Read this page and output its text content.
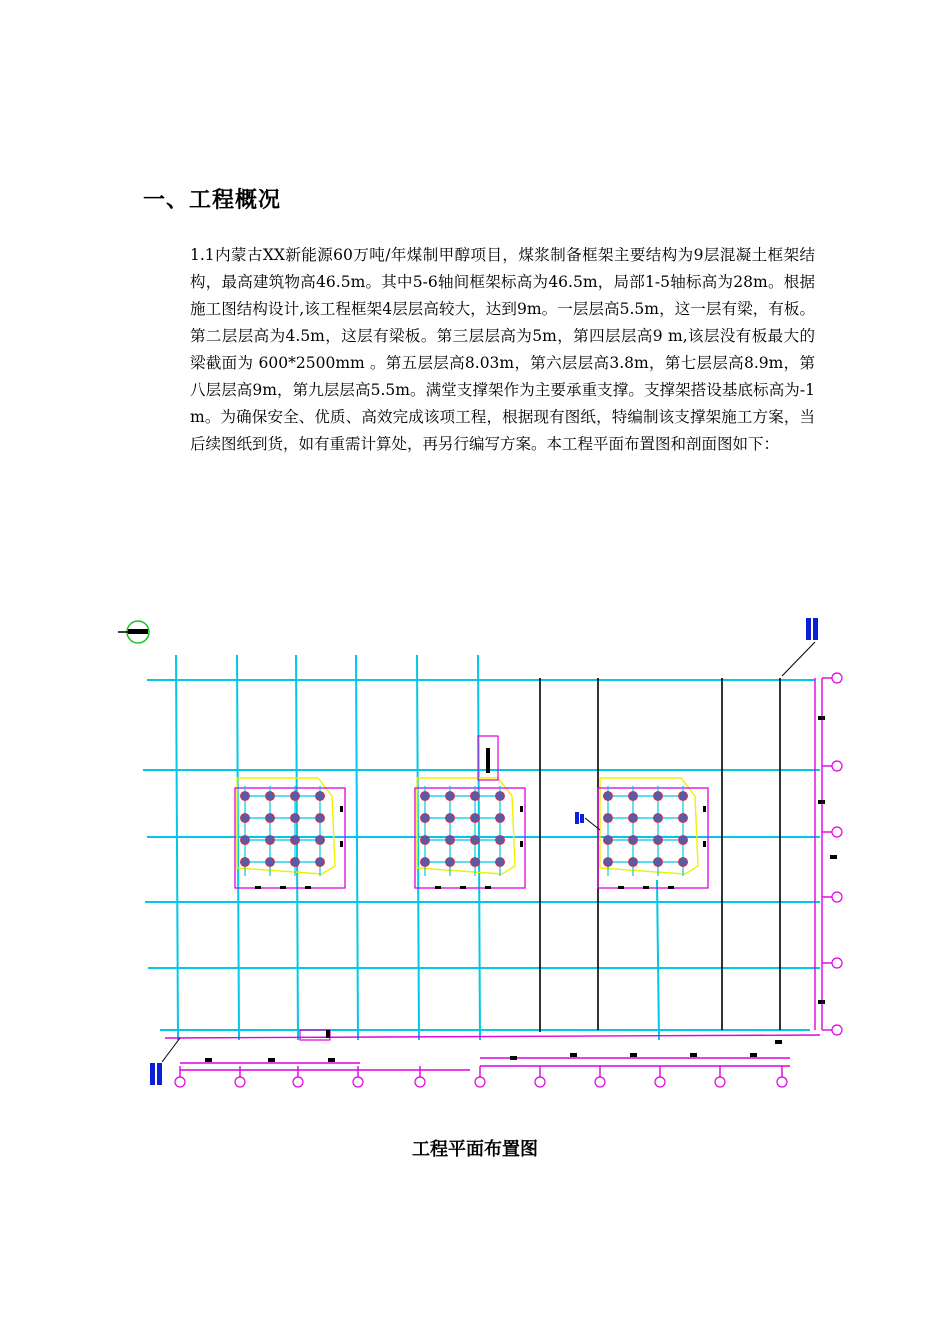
一、工程概况

1.1内蒙古XX新能源60万吨/年煤制甲醇项目，煤浆制备框架主要结构为9层混凝土框架结构，最高建筑物高46.5m。其中5-6轴间框架标高为46.5m，局部1-5轴标高为28m。根据施工图结构设计,该工程框架4层层高较大，达到9m。一层层高5.5m，这一层有梁，有板。第二层层高为4.5m，这层有梁板。第三层层高为5m，第四层层高9 m,该层没有板最大的梁截面为 600*2500mm 。第五层层高8.03m，第六层层高3.8m，第七层层高8.9m，第八层层高9m，第九层层高5.5m。满堂支撑架作为主要承重支撑。支撑架搭设基底标高为-1m。为确保安全、优质、高效完成该项工程，根据现有图纸，特编制该支撑架施工方案，当后续图纸到货，如有重需计算处，再另行编写方案。本工程平面布置图和剖面图如下：

工程平面布置图
